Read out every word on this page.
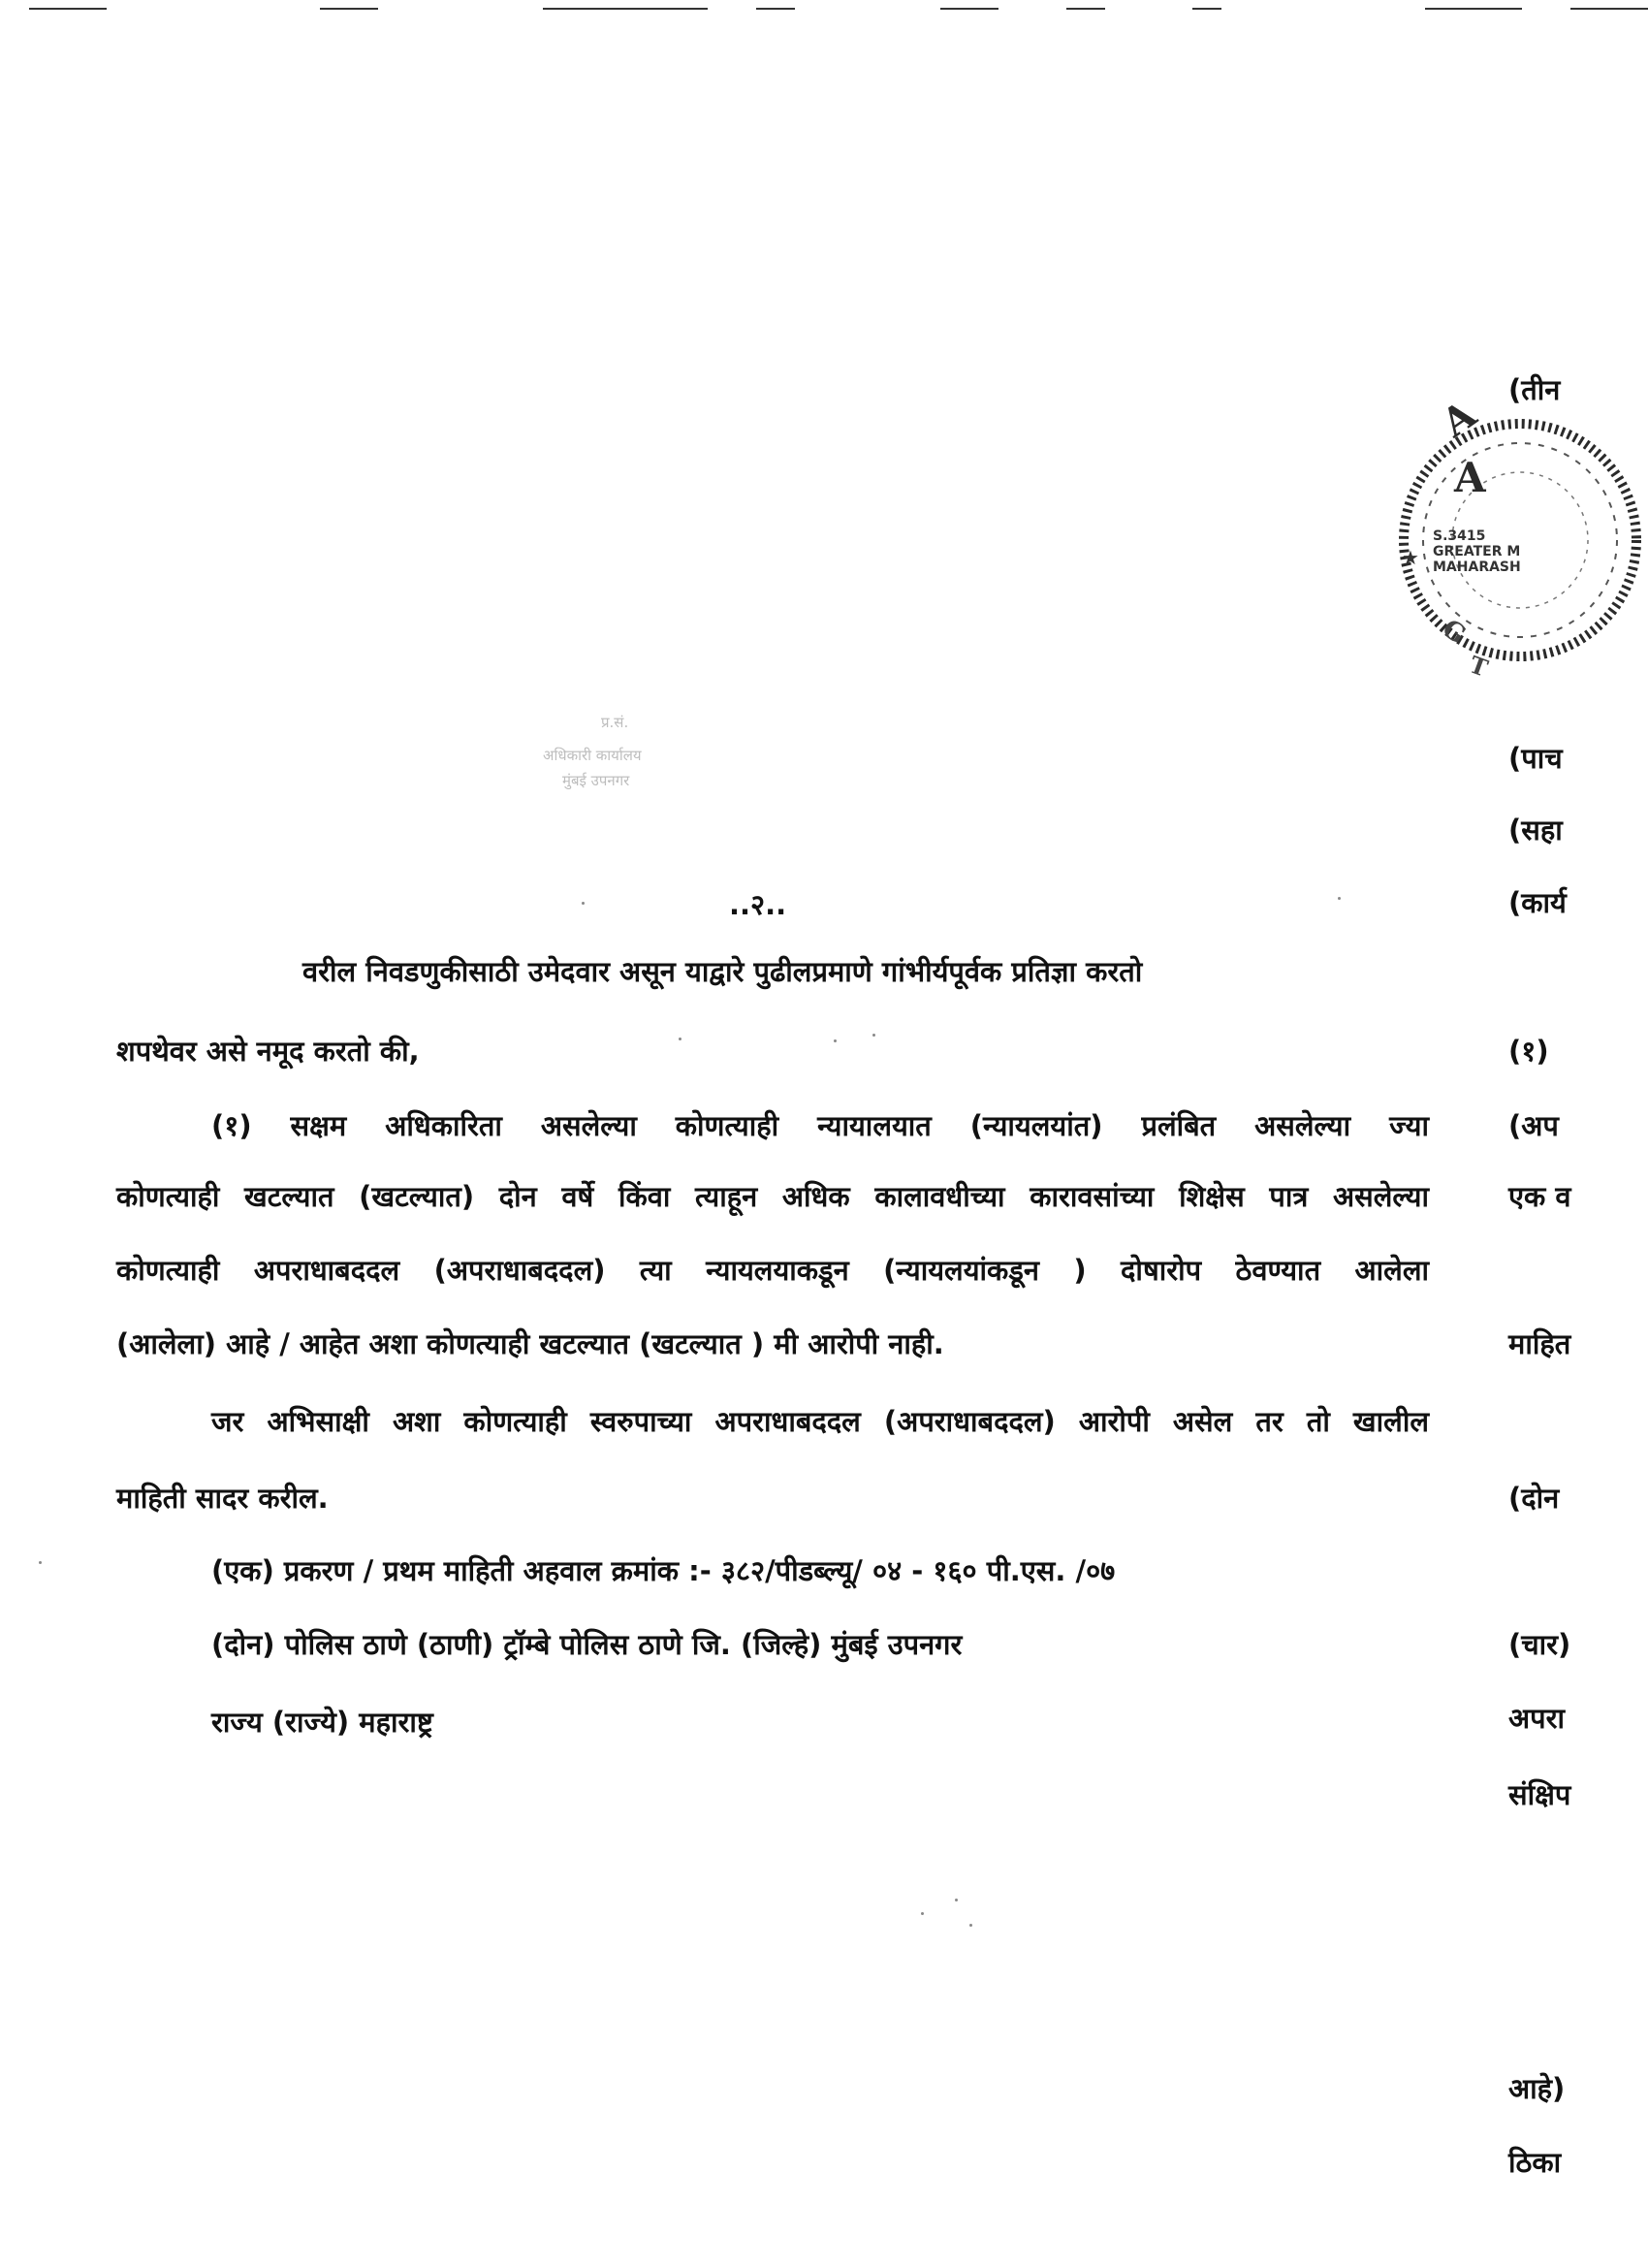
A
A
S.3415
GREATER M
MAHARASH
★
G
T
प्र.सं.
अधिकारी कार्यालय
मुंबई उपनगर
..२..
वरील निवडणुकीसाठी उमेदवार असून याद्वारे पुढीलप्रमाणे गांभीर्यपूर्वक प्रतिज्ञा करतो
शपथेवर असे नमूद करतो की,
(१) सक्षम अधिकारिता असलेल्या कोणत्याही न्यायालयात (न्यायलयांत) प्रलंबित असलेल्या ज्या
कोणत्याही खटल्यात (खटल्यात) दोन वर्षे किंवा त्याहून अधिक कालावधीच्या कारावसांच्या शिक्षेस पात्र असलेल्या
कोणत्याही अपराधाबददल (अपराधाबददल) त्या न्यायलयाकडून (न्यायलयांकडून ) दोषारोप ठेवण्यात आलेला
(आलेला) आहे / आहेत अशा कोणत्याही खटल्यात (खटल्यात ) मी आरोपी नाही.
जर अभिसाक्षी अशा कोणत्याही स्वरुपाच्या अपराधाबददल (अपराधाबददल) आरोपी असेल तर तो खालील
माहिती सादर करील.
(एक) प्रकरण / प्रथम माहिती अहवाल क्रमांक :- ३८२/पीडब्ल्यू/ ०४ - १६० पी.एस. /०७
(दोन) पोलिस ठाणे (ठाणी) ट्रॉम्बे पोलिस ठाणे जि. (जिल्हे) मुंबई उपनगर
राज्य (राज्ये) महाराष्ट्र
(तीन
(पाच
(सहा
(कार्य
(१)
(अप
एक व
माहित
(दोन
(चार)
अपरा
संक्षिप
आहे)
ठिका
